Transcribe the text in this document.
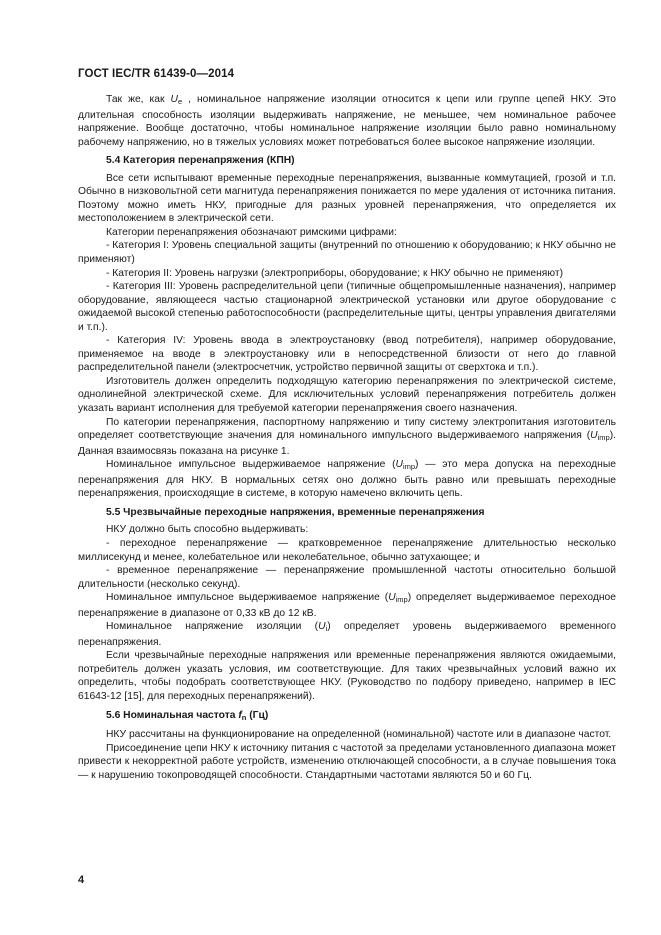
ГОСТ IEC/TR 61439-0—2014

Так же, как $U_e$ , номинальное напряжение изоляции относится к цепи или группе цепей НКУ. Это длительная способность изоляции выдерживать напряжение, не меньшее, чем номинальное рабочее напряжение. Вообще достаточно, чтобы номинальное напряжение изоляции было равно номинальному рабочему напряжению, но в тяжелых условиях может потребоваться более высокое напряжение изоляции.

5.4 Категория перенапряжения (КПН)

Все сети испытывают временные переходные перенапряжения, вызванные коммутацией, грозой и т.п. Обычно в низковольтной сети магнитуда перенапряжения понижается по мере удаления от источника питания. Поэтому можно иметь НКУ, пригодные для разных уровней перенапряжения, что определяется их местоположением в электрической сети.

Категории перенапряжения обозначают римскими цифрами:

- Категория I: Уровень специальной защиты (внутренний по отношению к оборудованию; к НКУ обычно не применяют)

- Категория II: Уровень нагрузки (электроприборы, оборудование; к НКУ обычно не применяют)

- Категория III: Уровень распределительной цепи (типичные общепромышленные назначения), например оборудование, являющееся частью стационарной электрической установки или другое оборудование с ожидаемой высокой степенью работоспособности (распределительные щиты, центры управления двигателями и т.п.).

- Категория IV: Уровень ввода в электроустановку (ввод потребителя), например оборудование, применяемое на вводе в электроустановку или в непосредственной близости от него до главной распределительной панели (электросчетчик, устройство первичной защиты от сверхтока и т.п.).

Изготовитель должен определить подходящую категорию перенапряжения по электрической системе, однолинейной электрической схеме. Для исключительных условий перенапряжения потребитель должен указать вариант исполнения для требуемой категории перенапряжения своего назначения.

По категории перенапряжения, паспортному напряжению и типу систему электропитания изготовитель определяет соответствующие значения для номинального импульсного выдерживаемого напряжения $(U_{imp})$. Данная взаимосвязь показана на рисунке 1.

Номинальное импульсное выдерживаемое напряжение $(U_{imp})$ — это мера допуска на переходные перенапряжения для НКУ. В нормальных сетях оно должно быть равно или превышать переходные перенапряжения, происходящие в системе, в которую намечено включить цепь.

5.5 Чрезвычайные переходные напряжения, временные перенапряжения

НКУ должно быть способно выдерживать:

- переходное перенапряжение — кратковременное перенапряжение длительностью несколько миллисекунд и менее, колебательное или неколебательное, обычно затухающее; и

- временное перенапряжение — перенапряжение промышленной частоты относительно большой длительности (несколько секунд).

Номинальное импульсное выдерживаемое напряжение $(U_{imp})$ определяет выдерживаемое переходное перенапряжение в диапазоне от 0,33 кВ до 12 кВ.

Номинальное напряжение изоляции $(U_i)$ определяет уровень выдерживаемого временного перенапряжения.

Если чрезвычайные переходные напряжения или временные перенапряжения являются ожидаемыми, потребитель должен указать условия, им соответствующие. Для таких чрезвычайных условий важно их определить, чтобы подобрать соответствующее НКУ. (Руководство по подбору приведено, например в IEC 61643-12 [15], для переходных перенапряжений).

5.6 Номинальная частота $f_n$ (Гц)

НКУ рассчитаны на функционирование на определенной (номинальной) частоте или в диапазоне частот.

Присоединение цепи НКУ к источнику питания с частотой за пределами установленного диапазона может привести к некорректной работе устройств, изменению отключающей способности, а в случае повышения тока — к нарушению токопроводящей способности. Стандартными частотами являются 50 и 60 Гц.

4
